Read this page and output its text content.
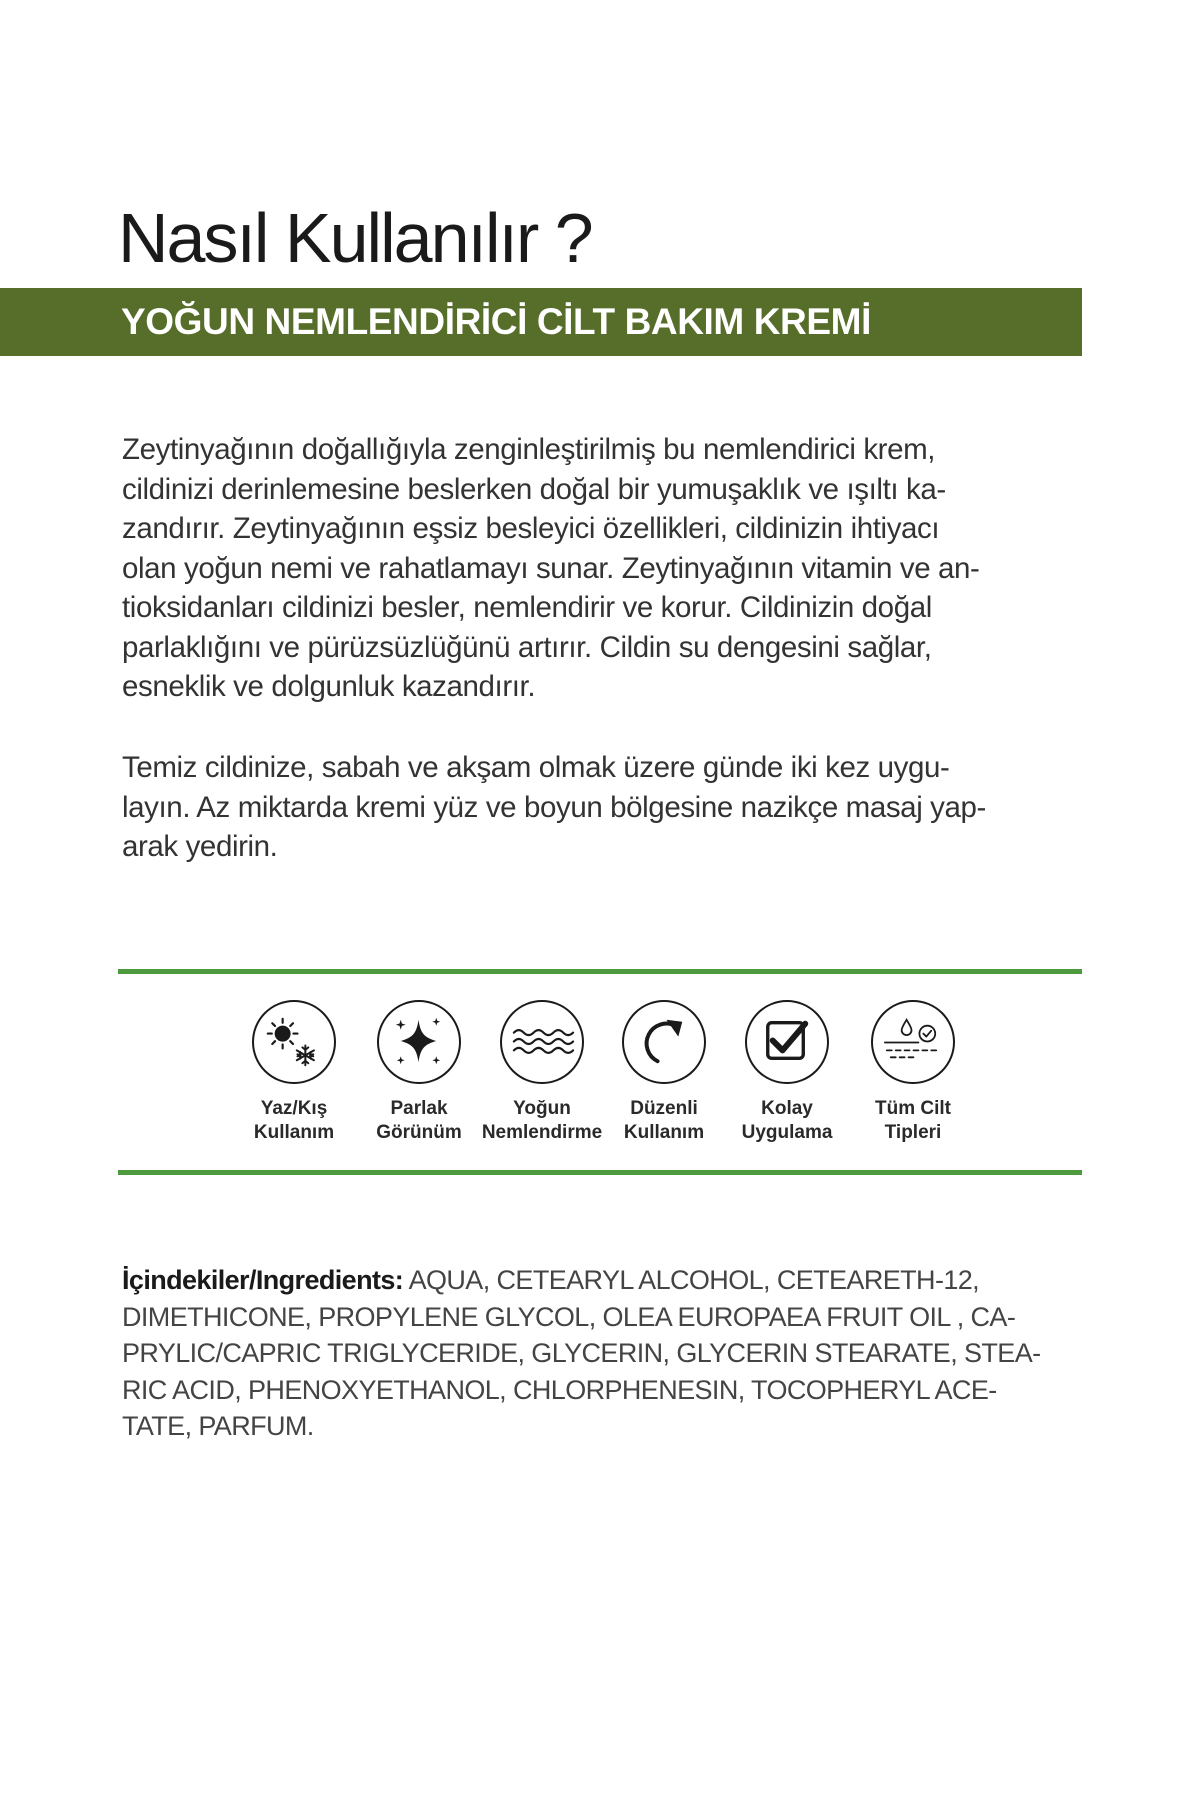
Nasıl Kullanılır ?
YOĞUN NEMLENDİRİCİ CİLT BAKIM KREMİ

Zeytinyağının doğallığıyla zenginleştirilmiş bu nemlendirici krem,
cildinizi derinlemesine beslerken doğal bir yumuşaklık ve ışıltı ka-
zandırır. Zeytinyağının eşsiz besleyici özellikleri, cildinizin ihtiyacı
olan yoğun nemi ve rahatlamayı sunar. Zeytinyağının vitamin ve an-
tioksidanları cildinizi besler, nemlendirir ve korur. Cildinizin doğal
parlaklığını ve pürüzsüzlüğünü artırır. Cildin su dengesini sağlar,
esneklik ve dolgunluk kazandırır.

Temiz cildinize, sabah ve akşam olmak üzere günde iki kez uygu-
layın. Az miktarda kremi yüz ve boyun bölgesine nazikçe masaj yap-
arak yedirin.

Yaz/Kış
Kullanım
Parlak
Görünüm
Yoğun
Nemlendirme
Düzenli
Kullanım
Kolay
Uygulama
Tüm Cilt
Tipleri

İçindekiler/Ingredients: AQUA, CETEARYL ALCOHOL, CETEARETH-12,
DIMETHICONE, PROPYLENE GLYCOL, OLEA EUROPAEA FRUIT OIL , CA-
PRYLIC/CAPRIC TRIGLYCERIDE, GLYCERIN, GLYCERIN STEARATE, STEA-
RIC ACID, PHENOXYETHANOL, CHLORPHENESIN, TOCOPHERYL ACE-
TATE, PARFUM.
